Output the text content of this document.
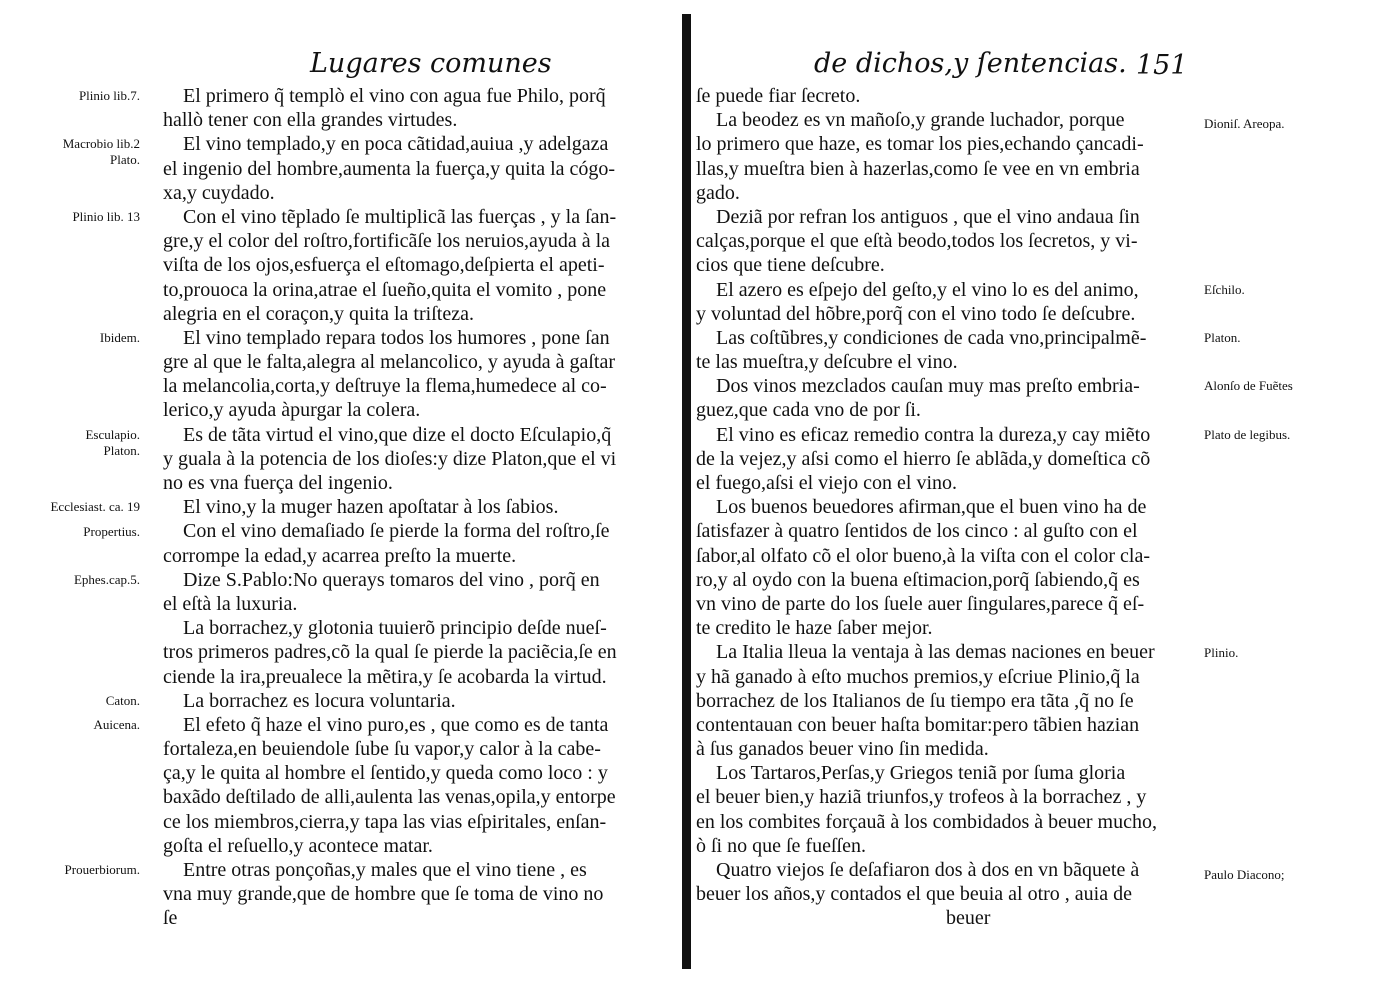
Lugares comunes
El primero q̃ templò el vino con agua fue Philo, porq̃
hallò tener con ella grandes virtudes.
El vino templado,y en poca cãtidad,auiua ,y adelgaza
el ingenio del hombre,aumenta la fuerça,y quita la cógo-
xa,y cuydado.
Con el vino tẽplado ſe multiplicã las fuerças , y la ſan-
gre,y el color del roſtro,fortificãſe los neruios,ayuda à la
viſta de los ojos,esfuerça el eſtomago,deſpierta el apeti-
to,prouoca la orina,atrae el ſueño,quita el vomito , pone
alegria en el coraçon,y quita la triſteza.
El vino templado repara todos los humores , pone ſan
gre al que le falta,alegra al melancolico, y ayuda à gaſtar
la melancolia,corta,y deſtruye la flema,humedece al co-
lerico,y ayuda àpurgar la colera.
Es de tãta virtud el vino,que dize el docto Eſculapio,q̃
y guala à la potencia de los dioſes:y dize Platon,que el vi
no es vna fuerça del ingenio.
El vino,y la muger hazen apoſtatar à los ſabios.
Con el vino demaſiado ſe pierde la forma del roſtro,ſe
corrompe la edad,y acarrea preſto la muerte.
Dize S.Pablo:No querays tomaros del vino , porq̃ en
el eſtà la luxuria.
La borrachez,y glotonia tuuierõ principio deſde nueſ-
tros primeros padres,cõ la qual ſe pierde la paciẽcia,ſe en
ciende la ira,preualece la mẽtira,y ſe acobarda la virtud.
La borrachez es locura voluntaria.
El efeto q̃ haze el vino puro,es , que como es de tanta
fortaleza,en beuiendole ſube ſu vapor,y calor à la cabe-
ça,y le quita al hombre el ſentido,y queda como loco : y
baxãdo deſtilado de alli,aulenta las venas,opila,y entorpe
ce los miembros,cierra,y tapa las vias eſpiritales, enſan-
goſta el reſuello,y acontece matar.
Entre otras ponçoñas,y males que el vino tiene , es
vna muy grande,que de hombre que ſe toma de vino no
ſe
Plinio lib.7.
Macrobio lib.2
Plato.
Plinio lib. 13
Ibidem.
Esculapio.
Platon.
Ecclesiast. ca. 19
Propertius.
Ephes.cap.5.
Caton.
Auicena.
Prouerbiorum.
de dichos,y ſentencias. 151
ſe puede fiar ſecreto.
La beodez es vn mañoſo,y grande luchador, porque
lo primero que haze, es tomar los pies,echando çancadi-
llas,y mueſtra bien à hazerlas,como ſe vee en vn embria
gado.
Deziã por refran los antiguos , que el vino andaua ſin
calças,porque el que eſtà beodo,todos los ſecretos, y vi-
cios que tiene deſcubre.
El azero es eſpejo del geſto,y el vino lo es del animo,
y voluntad del hõbre,porq̃ con el vino todo ſe deſcubre.
Las coſtũbres,y condiciones de cada vno,principalmẽ-
te las mueſtra,y deſcubre el vino.
Dos vinos mezclados cauſan muy mas preſto embria-
guez,que cada vno de por ſi.
El vino es eficaz remedio contra la dureza,y cay miẽto
de la vejez,y aſsi como el hierro ſe ablãda,y domeſtica cõ
el fuego,aſsi el viejo con el vino.
Los buenos beuedores afirman,que el buen vino ha de
ſatisfazer à quatro ſentidos de los cinco : al guſto con el
ſabor,al olfato cõ el olor bueno,à la viſta con el color cla-
ro,y al oydo con la buena eſtimacion,porq̃ ſabiendo,q̃ es
vn vino de parte do los ſuele auer ſingulares,parece q̃ eſ-
te credito le haze ſaber mejor.
La Italia lleua la ventaja à las demas naciones en beuer
y hã ganado à eſto muchos premios,y eſcriue Plinio,q̃ la
borrachez de los Italianos de ſu tiempo era tãta ,q̃ no ſe
contentauan con beuer haſta bomitar:pero tãbien hazian
à ſus ganados beuer vino ſin medida.
Los Tartaros,Perſas,y Griegos teniã por ſuma gloria
el beuer bien,y haziã triunfos,y trofeos à la borrachez , y
en los combites forçauã à los combidados à beuer mucho,
ò ſi no que ſe fueſſen.
Quatro viejos ſe deſafiaron dos à dos en vn bãquete à
beuer los años,y contados el que beuia al otro , auia de
beuer
Dioniſ. Areopa.
Eſchilo.
Platon.
Alonſo de Fuẽtes
Plato de legibus.
Plinio.
Paulo Diacono;
